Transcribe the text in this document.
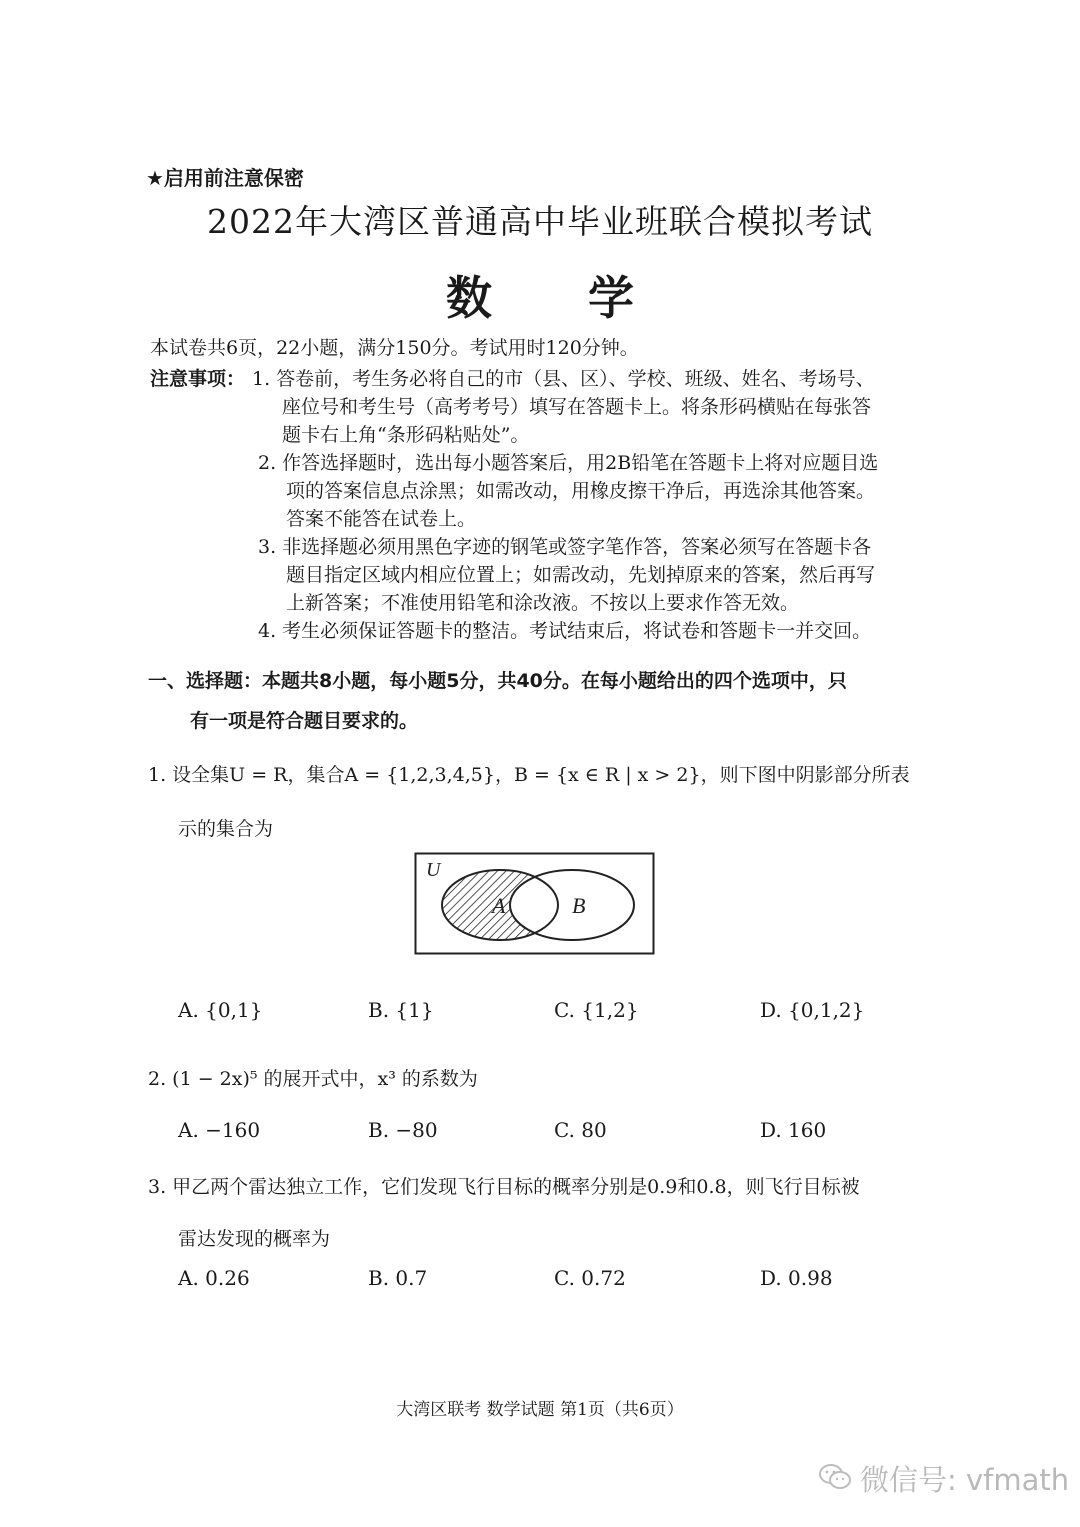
★启用前注意保密
2022年大湾区普通高中毕业班联合模拟考试
数 学
本试卷共6页，22小题，满分150分。考试用时120分钟。
注意事项： 1. 答卷前，考生务必将自己的市（县、区）、学校、班级、姓名、考场号、
座位号和考生号（高考考号）填写在答题卡上。将条形码横贴在每张答
题卡右上角“条形码粘贴处”。
2. 作答选择题时，选出每小题答案后，用2B铅笔在答题卡上将对应题目选
项的答案信息点涂黑；如需改动，用橡皮擦干净后，再选涂其他答案。
答案不能答在试卷上。
3. 非选择题必须用黑色字迹的钢笔或签字笔作答，答案必须写在答题卡各
题目指定区域内相应位置上；如需改动，先划掉原来的答案，然后再写
上新答案；不准使用铅笔和涂改液。不按以上要求作答无效。
4. 考生必须保证答题卡的整洁。考试结束后，将试卷和答题卡一并交回。
一、选择题：本题共8小题，每小题5分，共40分。在每小题给出的四个选项中，只
有一项是符合题目要求的。
1. 设全集U = R，集合A = {1,2,3,4,5}，B = {x ∈ R | x > 2}，则下图中阴影部分所表
示的集合为
U
A	B
A. {0,1}	B. {1}	C. {1,2}	D. {0,1,2}
2. (1 − 2x)⁵ 的展开式中，x³ 的系数为
A. −160	B. −80	C. 80	D. 160
3. 甲乙两个雷达独立工作，它们发现飞行目标的概率分别是0.9和0.8，则飞行目标被
雷达发现的概率为
A. 0.26	B. 0.7	C. 0.72	D. 0.98
大湾区联考 数学试题 第1页（共6页）
微信号: vfmath
